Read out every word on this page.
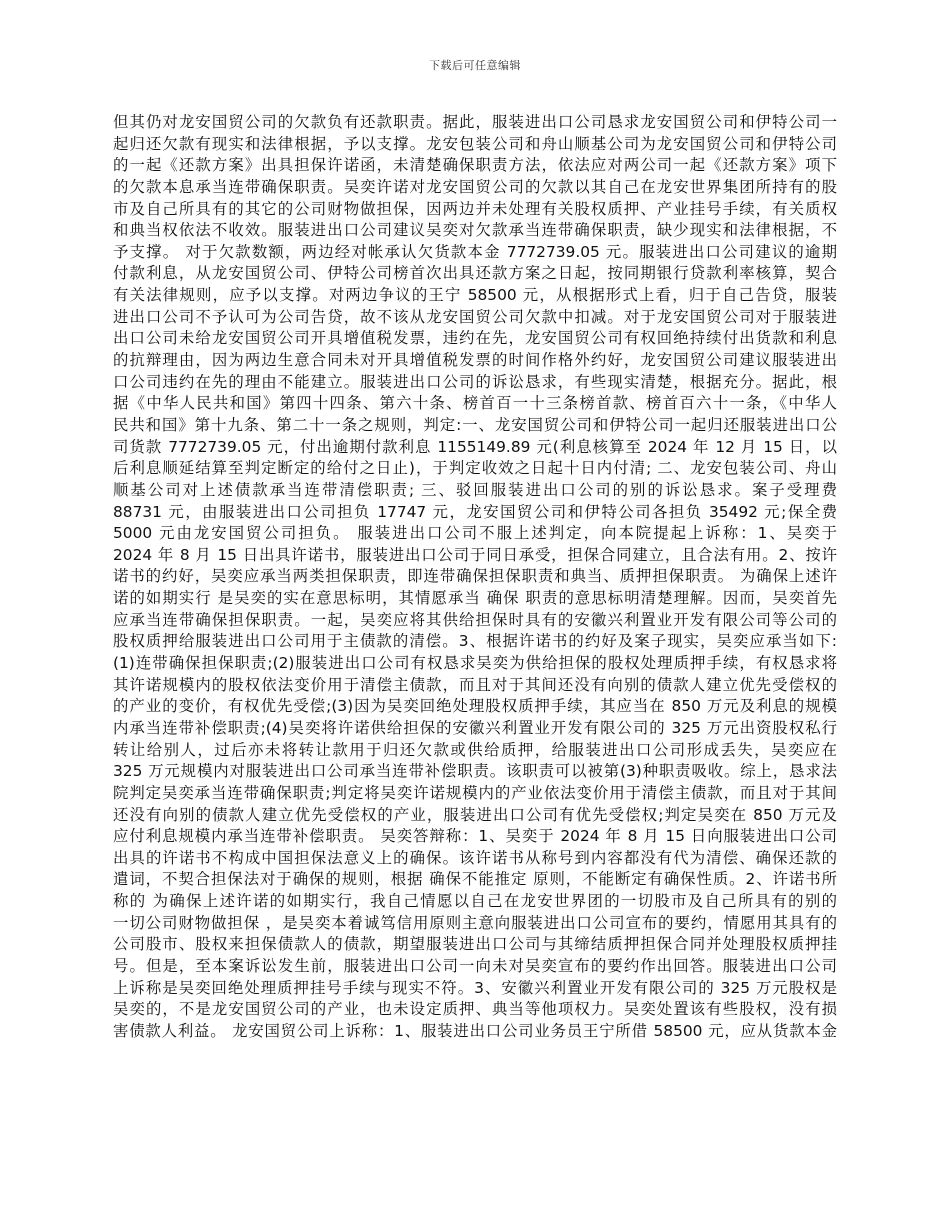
下载后可任意编辑
但其仍对龙安国贸公司的欠款负有还款职责。据此，服装进出口公司恳求龙安国贸公司和伊特公司一
起归还欠款有现实和法律根据，予以支撑。龙安包装公司和舟山顺基公司为龙安国贸公司和伊特公司
的一起《还款方案》出具担保许诺函，未清楚确保职责方法，依法应对两公司一起《还款方案》项下
的欠款本息承当连带确保职责。吴奕许诺对龙安国贸公司的欠款以其自己在龙安世界集团所持有的股
市及自己所具有的其它的公司财物做担保，因两边并未处理有关股权质押、产业挂号手续，有关质权
和典当权依法不收效。服装进出口公司建议吴奕对欠款承当连带确保职责，缺少现实和法律根据，不
予支撑。 对于欠款数额，两边经对帐承认欠货款本金 7772739.05 元。服装进出口公司建议的逾期
付款利息，从龙安国贸公司、伊特公司榜首次出具还款方案之日起，按同期银行贷款利率核算，契合
有关法律规则，应予以支撑。对两边争议的王宁 58500 元，从根据形式上看，归于自己告贷，服装
进出口公司不予认可为公司告贷，故不该从龙安国贸公司欠款中扣减。对于龙安国贸公司对于服装进
出口公司未给龙安国贸公司开具增值税发票，违约在先，龙安国贸公司有权回绝持续付出货款和利息
的抗辩理由，因为两边生意合同未对开具增值税发票的时间作格外约好，龙安国贸公司建议服装进出
口公司违约在先的理由不能建立。服装进出口公司的诉讼恳求，有些现实清楚，根据充分。据此，根
据《中华人民共和国》第四十四条、第六十条、榜首百一十三条榜首款、榜首百六十一条，《中华人
民共和国》第十九条、第二十一条之规则，判定:一、龙安国贸公司和伊特公司一起归还服装进出口公
司货款 7772739.05 元，付出逾期付款利息 1155149.89 元(利息核算至 2024 年 12 月 15 日，以
后利息顺延结算至判定断定的给付之日止)，于判定收效之日起十日内付清; 二、龙安包装公司、舟山
顺基公司对上述债款承当连带清偿职责; 三、驳回服装进出口公司的别的诉讼恳求。案子受理费
88731 元，由服装进出口公司担负 17747 元，龙安国贸公司和伊特公司各担负 35492 元;保全费
5000 元由龙安国贸公司担负。 服装进出口公司不服上述判定，向本院提起上诉称：1、吴奕于
2024 年 8 月 15 日出具许诺书，服装进出口公司于同日承受，担保合同建立，且合法有用。2、按许
诺书的约好，吴奕应承当两类担保职责，即连带确保担保职责和典当、质押担保职责。 为确保上述许
诺的如期实行 是吴奕的实在意思标明，其情愿承当 确保 职责的意思标明清楚理解。因而，吴奕首先
应承当连带确保担保职责。一起，吴奕应将其供给担保时具有的安徽兴利置业开发有限公司等公司的
股权质押给服装进出口公司用于主债款的清偿。3、根据许诺书的约好及案子现实，吴奕应承当如下:
(1)连带确保担保职责;(2)服装进出口公司有权恳求吴奕为供给担保的股权处理质押手续，有权恳求将
其许诺规模内的股权依法变价用于清偿主债款，而且对于其间还没有向别的债款人建立优先受偿权的
的产业的变价，有权优先受偿;(3)因为吴奕回绝处理股权质押手续，其应当在 850 万元及利息的规模
内承当连带补偿职责;(4)吴奕将许诺供给担保的安徽兴利置业开发有限公司的 325 万元出资股权私行
转让给别人，过后亦未将转让款用于归还欠款或供给质押，给服装进出口公司形成丢失，吴奕应在
325 万元规模内对服装进出口公司承当连带补偿职责。该职责可以被第(3)种职责吸收。综上，恳求法
院判定吴奕承当连带确保职责;判定将吴奕许诺规模内的产业依法变价用于清偿主债款，而且对于其间
还没有向别的债款人建立优先受偿权的产业，服装进出口公司有优先受偿权;判定吴奕在 850 万元及
应付利息规模内承当连带补偿职责。 吴奕答辩称：1、吴奕于 2024 年 8 月 15 日向服装进出口公司
出具的许诺书不构成中国担保法意义上的确保。该许诺书从称号到内容都没有代为清偿、确保还款的
遣词，不契合担保法对于确保的规则，根据 确保不能推定 原则，不能断定有确保性质。2、许诺书所
称的 为确保上述许诺的如期实行，我自己情愿以自己在龙安世界团的一切股市及自己所具有的别的
一切公司财物做担保 ，是吴奕本着诚笃信用原则主意向服装进出口公司宣布的要约，情愿用其具有的
公司股市、股权来担保债款人的债款，期望服装进出口公司与其缔结质押担保合同并处理股权质押挂
号。但是，至本案诉讼发生前，服装进出口公司一向未对吴奕宣布的要约作出回答。服装进出口公司
上诉称是吴奕回绝处理质押挂号手续与现实不符。3、安徽兴利置业开发有限公司的 325 万元股权是
吴奕的，不是龙安国贸公司的产业，也未设定质押、典当等他项权力。吴奕处置该有些股权，没有损
害债款人利益。 龙安国贸公司上诉称：1、服装进出口公司业务员王宁所借 58500 元，应从货款本金
